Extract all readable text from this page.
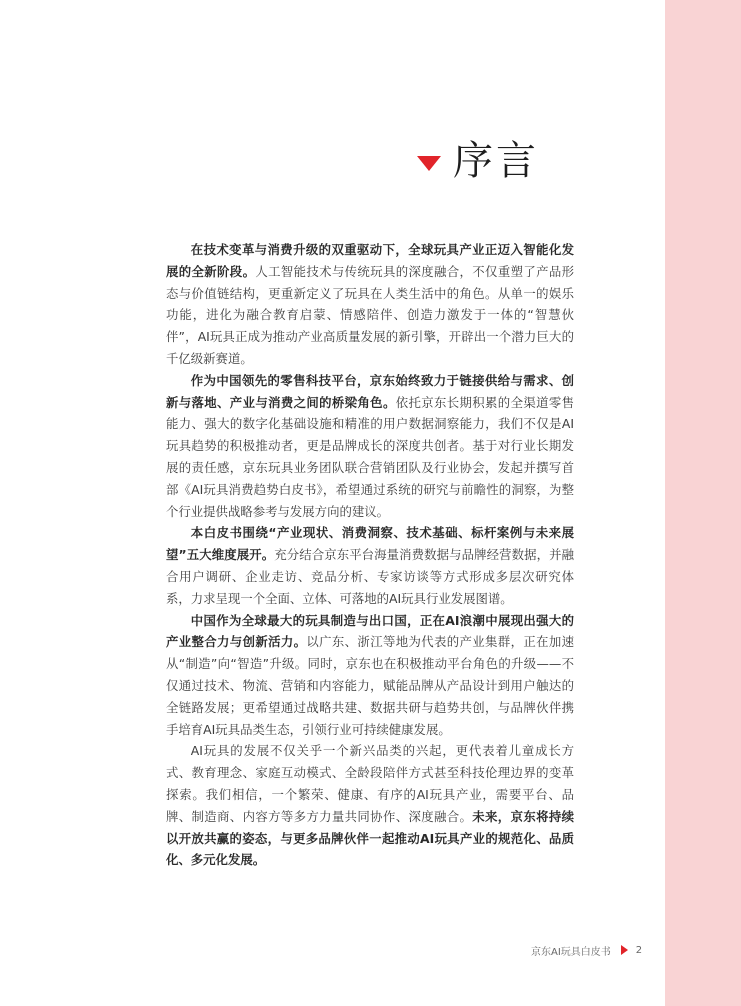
序言

在技术变革与消费升级的双重驱动下，全球玩具产业正迈入智能化发展的全新阶段。人工智能技术与传统玩具的深度融合，不仅重塑了产品形态与价值链结构，更重新定义了玩具在人类生活中的角色。从单一的娱乐功能，进化为融合教育启蒙、情感陪伴、创造力激发于一体的“智慧伙伴”，AI玩具正成为推动产业高质量发展的新引擎，开辟出一个潜力巨大的千亿级新赛道。

作为中国领先的零售科技平台，京东始终致力于链接供给与需求、创新与落地、产业与消费之间的桥梁角色。依托京东长期积累的全渠道零售能力、强大的数字化基础设施和精准的用户数据洞察能力，我们不仅是AI玩具趋势的积极推动者，更是品牌成长的深度共创者。基于对行业长期发展的责任感，京东玩具业务团队联合营销团队及行业协会，发起并撰写首部《AI玩具消费趋势白皮书》，希望通过系统的研究与前瞻性的洞察，为整个行业提供战略参考与发展方向的建议。

本白皮书围绕“产业现状、消费洞察、技术基础、标杆案例与未来展望”五大维度展开。充分结合京东平台海量消费数据与品牌经营数据，并融合用户调研、企业走访、竞品分析、专家访谈等方式形成多层次研究体系，力求呈现一个全面、立体、可落地的AI玩具行业发展图谱。

中国作为全球最大的玩具制造与出口国，正在AI浪潮中展现出强大的产业整合力与创新活力。以广东、浙江等地为代表的产业集群，正在加速从“制造”向“智造”升级。同时，京东也在积极推动平台角色的升级——不仅通过技术、物流、营销和内容能力，赋能品牌从产品设计到用户触达的全链路发展；更希望通过战略共建、数据共研与趋势共创，与品牌伙伴携手培育AI玩具品类生态，引领行业可持续健康发展。

AI玩具的发展不仅关乎一个新兴品类的兴起，更代表着儿童成长方式、教育理念、家庭互动模式、全龄段陪伴方式甚至科技伦理边界的变革探索。我们相信，一个繁荣、健康、有序的AI玩具产业，需要平台、品牌、制造商、内容方等多方力量共同协作、深度融合。未来，京东将持续以开放共赢的姿态，与更多品牌伙伴一起推动AI玩具产业的规范化、品质化、多元化发展。

京东AI玩具白皮书	2
